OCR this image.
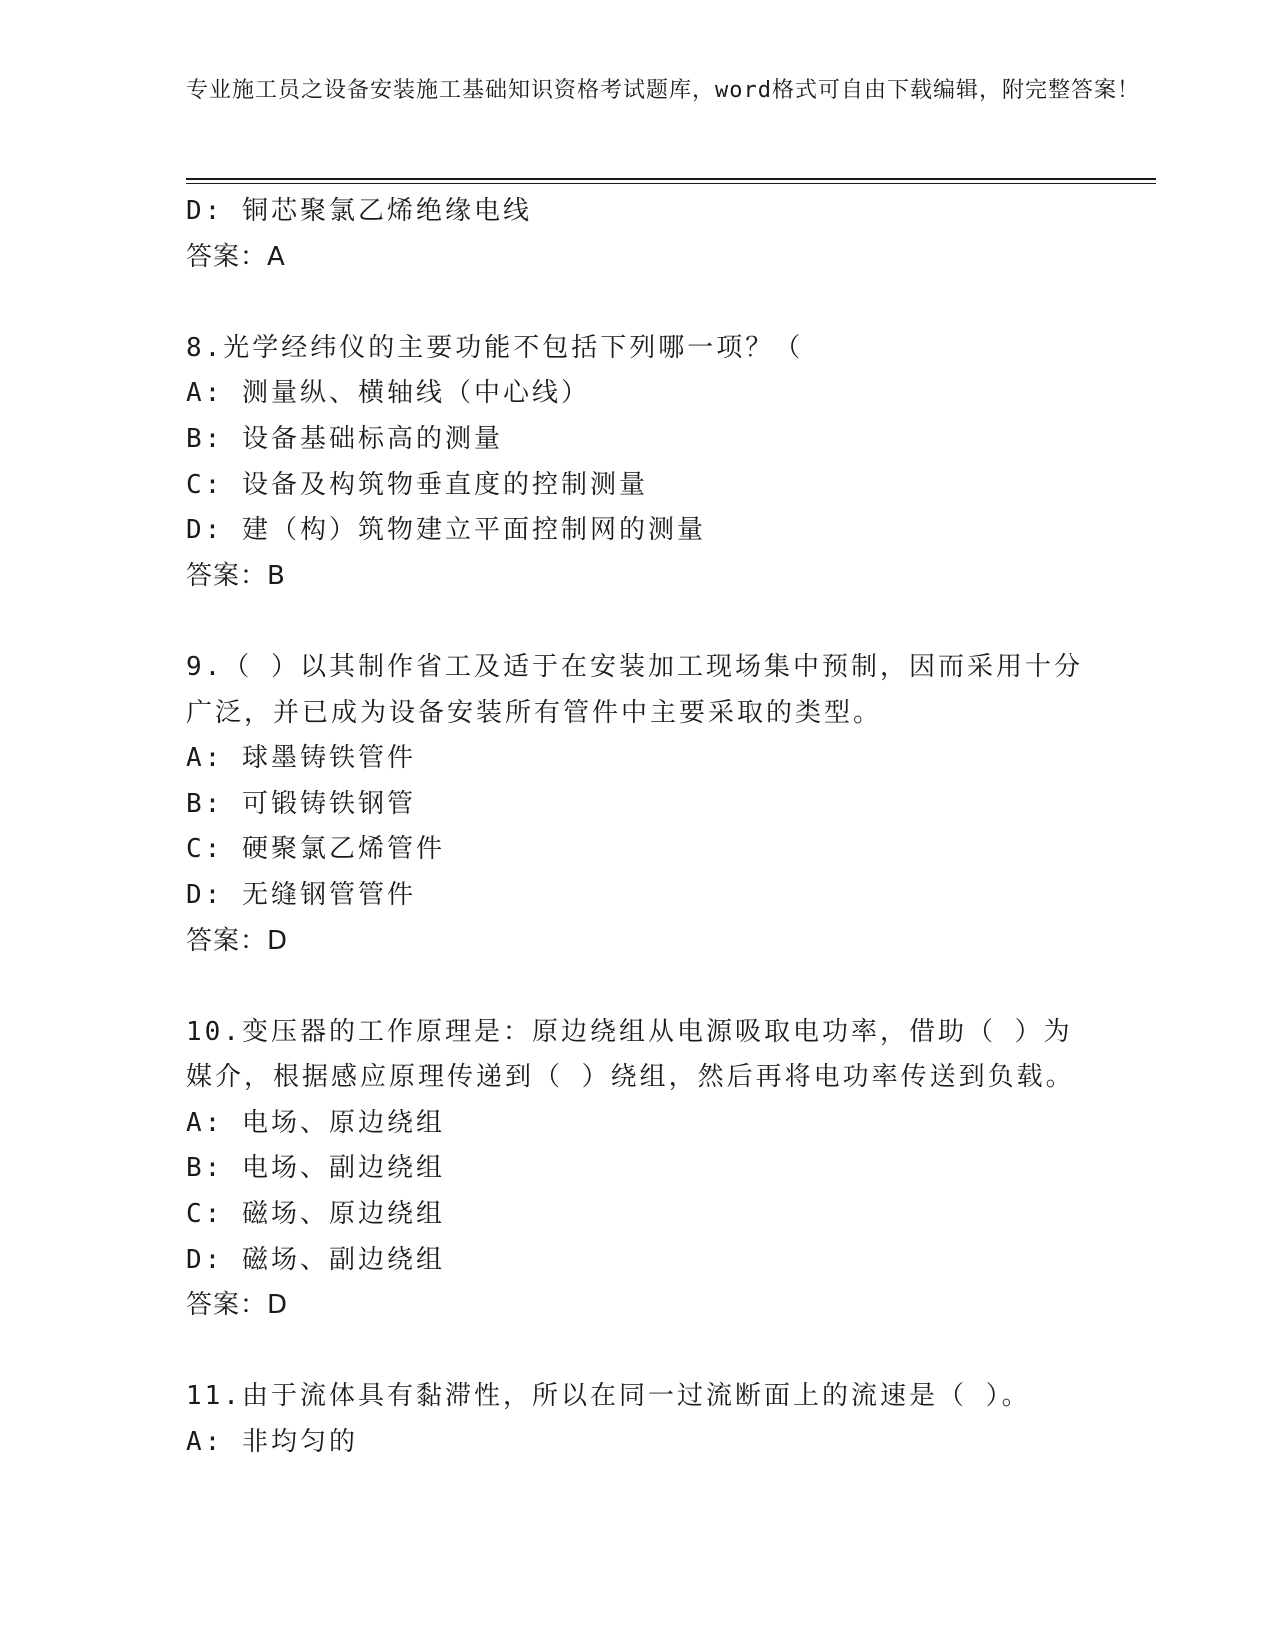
专业施工员之设备安装施工基础知识资格考试题库，word格式可自由下载编辑，附完整答案！
D: 铜芯聚氯乙烯绝缘电线
答案：A
8.光学经纬仪的主要功能不包括下列哪一项？（
A: 测量纵、横轴线（中心线）
B: 设备基础标高的测量
C: 设备及构筑物垂直度的控制测量
D: 建（构）筑物建立平面控制网的测量
答案：B
9.（ ）以其制作省工及适于在安装加工现场集中预制，因而采用十分广泛，并已成为设备安装所有管件中主要采取的类型。
A: 球墨铸铁管件
B: 可锻铸铁钢管
C: 硬聚氯乙烯管件
D: 无缝钢管管件
答案：D
10.变压器的工作原理是：原边绕组从电源吸取电功率，借助（ ）为媒介，根据感应原理传递到（ ）绕组，然后再将电功率传送到负载。
A: 电场、原边绕组
B: 电场、副边绕组
C: 磁场、原边绕组
D: 磁场、副边绕组
答案：D
11.由于流体具有黏滞性，所以在同一过流断面上的流速是（ ）。
A: 非均匀的
